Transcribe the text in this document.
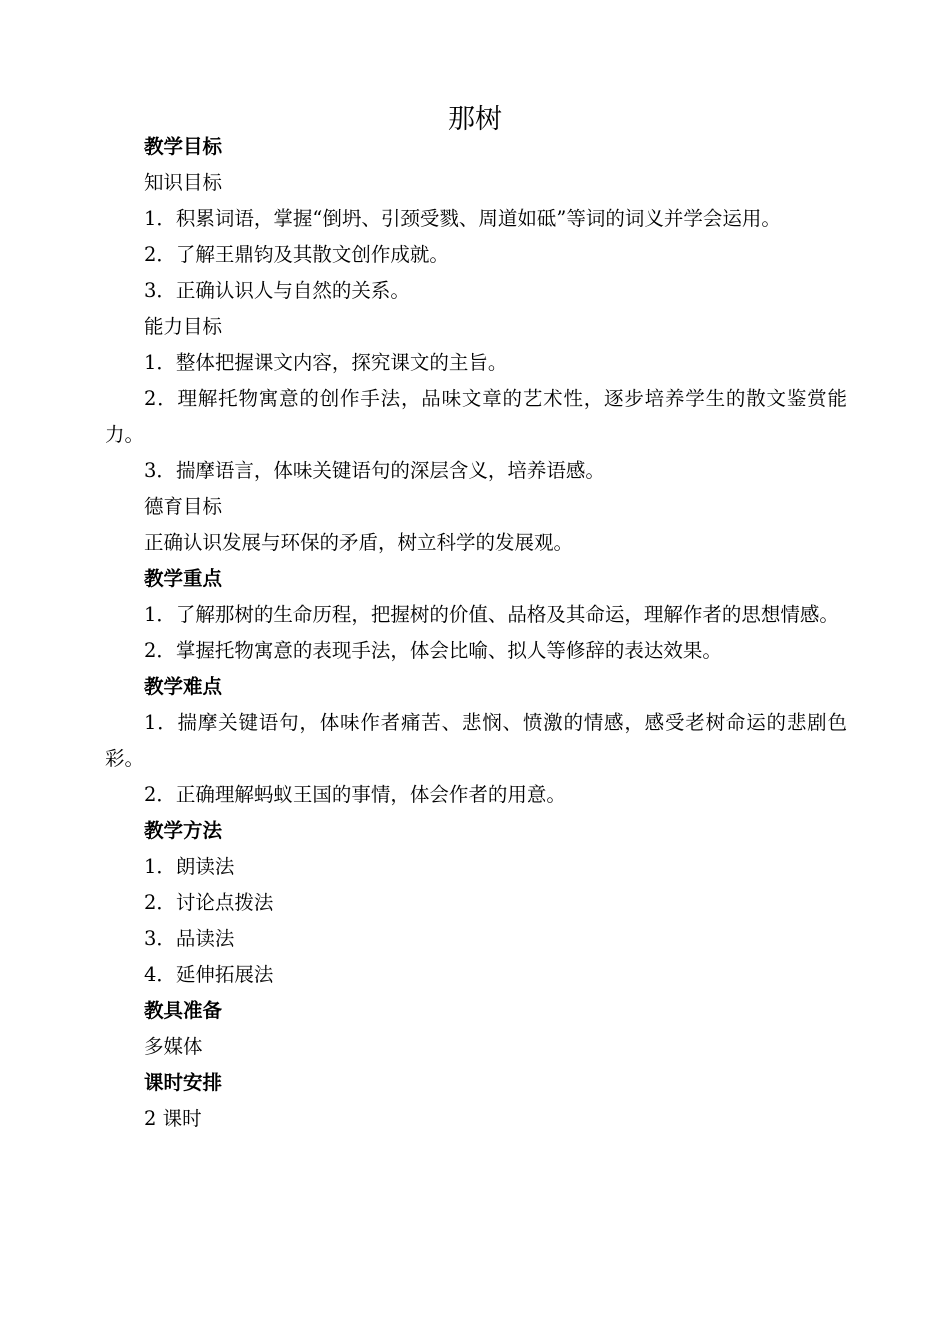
那树

教学目标

知识目标

1．积累词语，掌握“倒坍、引颈受戮、周道如砥”等词的词义并学会运用。

2．了解王鼎钧及其散文创作成就。

3．正确认识人与自然的关系。

能力目标

1．整体把握课文内容，探究课文的主旨。

2．理解托物寓意的创作手法，品味文章的艺术性，逐步培养学生的散文鉴赏能力。

3．揣摩语言，体味关键语句的深层含义，培养语感。

德育目标

正确认识发展与环保的矛盾，树立科学的发展观。

教学重点

1．了解那树的生命历程，把握树的价值、品格及其命运，理解作者的思想情感。

2．掌握托物寓意的表现手法，体会比喻、拟人等修辞的表达效果。

教学难点

1．揣摩关键语句，体味作者痛苦、悲悯、愤激的情感，感受老树命运的悲剧色彩。

2．正确理解蚂蚁王国的事情，体会作者的用意。

教学方法

1．朗读法

2．讨论点拨法

3．品读法

4．延伸拓展法

教具准备

多媒体

课时安排

2 课时
